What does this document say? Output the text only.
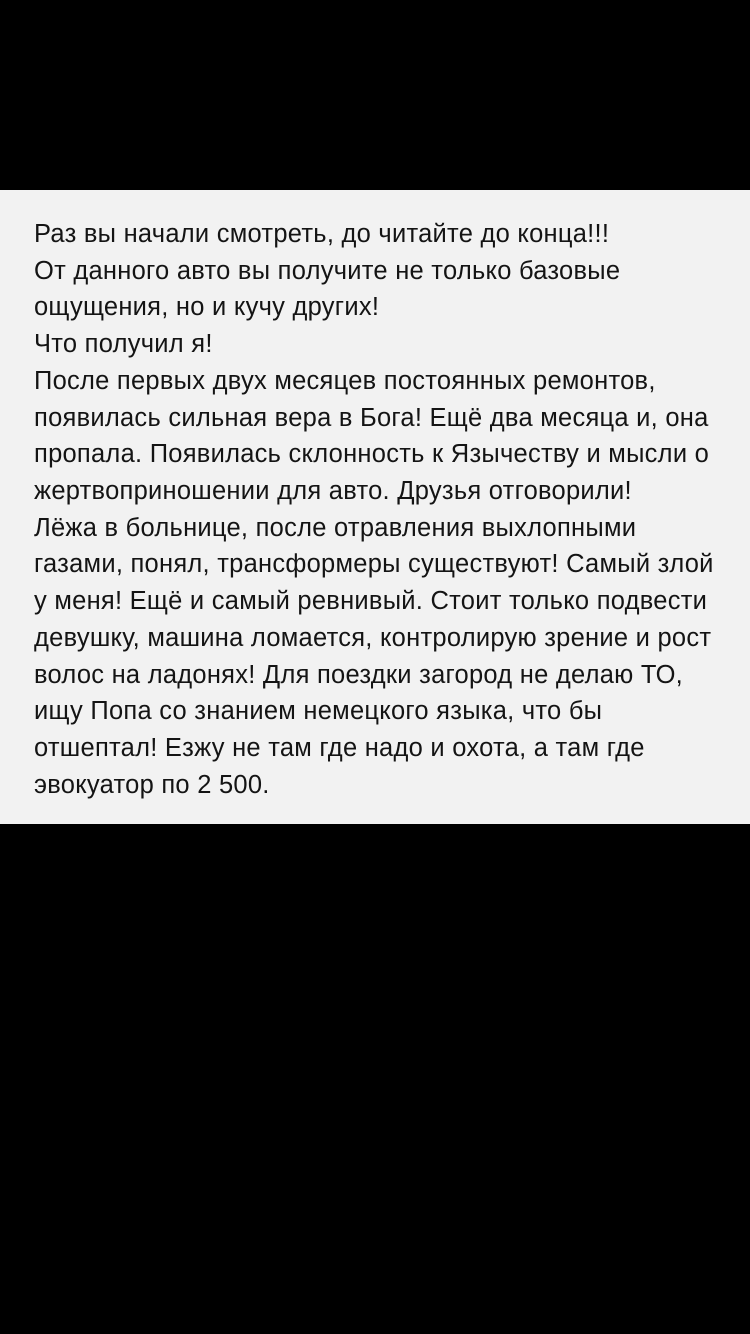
Раз вы начали смотреть, до читайте до конца!!!

От данного авто вы получите не только базовые ощущения, но и кучу других!

Что получил я!

После первых двух месяцев постоянных ремонтов, появилась сильная вера в Бога! Ещё два месяца и, она пропала. Появилась склонность к Язычеству и мысли о жертвоприношении для авто. Друзья отговорили!

Лёжа в больнице, после отравления выхлопными газами, понял, трансформеры существуют! Самый злой у меня! Ещё и самый ревнивый. Стоит только подвести девушку, машина ломается, контролирую зрение и рост волос на ладонях! Для поездки загород не делаю ТО, ищу Попа со знанием немецкого языка, что бы отшептал! Езжу не там где надо и охота, а там где эвокуатор по 2 500.
